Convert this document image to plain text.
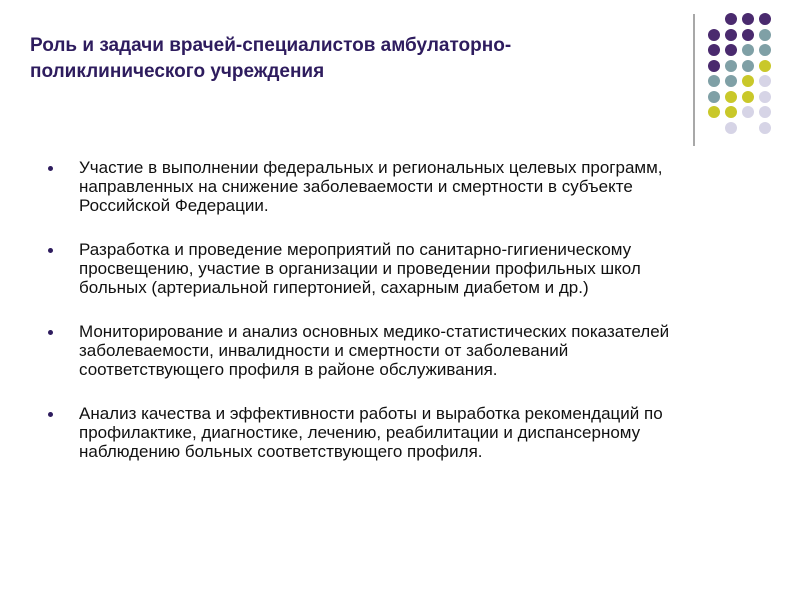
Роль и задачи врачей-специалистов амбулаторно-поликлинического учреждения
Участие в выполнении федеральных и региональных целевых программ, направленных на снижение заболеваемости и смертности в субъекте Российской Федерации.
Разработка и проведение мероприятий по санитарно-гигиеническому просвещению, участие в организации и проведении профильных школ больных (артериальной гипертонией, сахарным диабетом и др.)
Мониторирование и анализ основных медико-статистических показателей заболеваемости, инвалидности и смертности от заболеваний соответствующего профиля в районе обслуживания.
Анализ качества и эффективности работы и выработка рекомендаций по профилактике, диагностике, лечению, реабилитации и диспансерному наблюдению больных соответствующего профиля.
